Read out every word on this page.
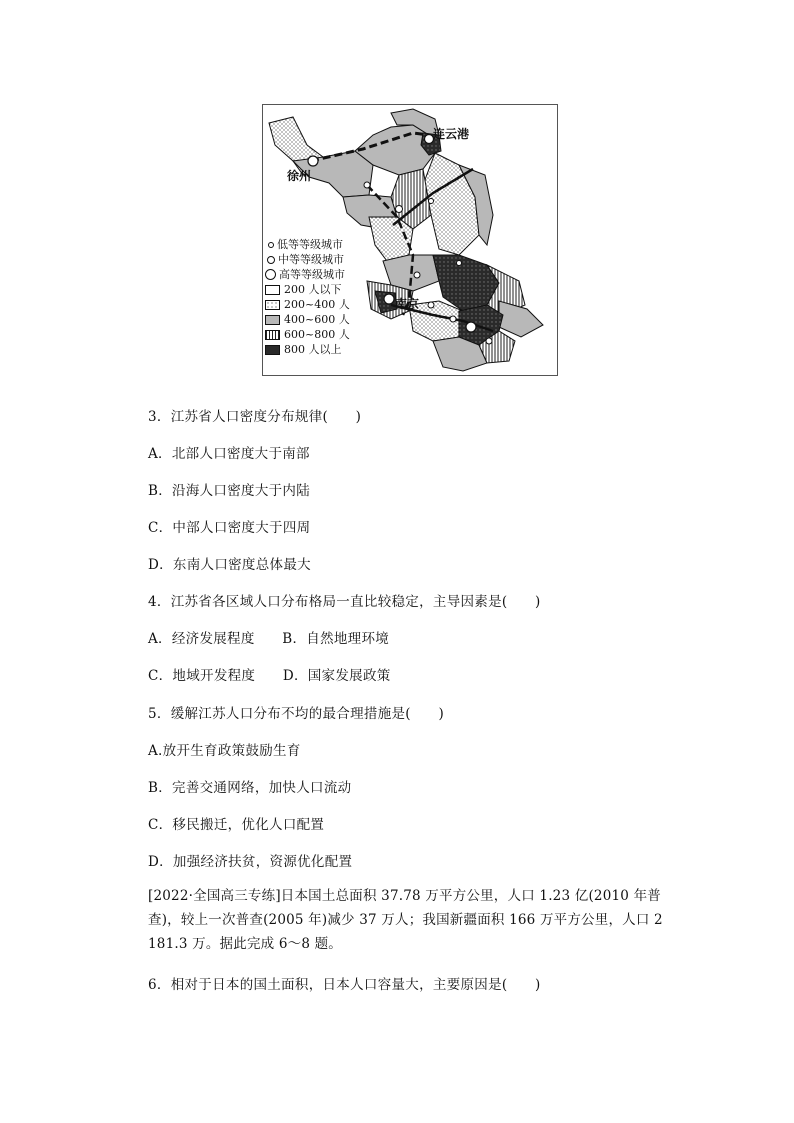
连云港
徐州
南京
低等等级城市
中等等级城市
高等等级城市
200 人以下
200~400 人
400~600 人
600~800 人
800 人以上
3．江苏省人口密度分布规律(　　)
A．北部人口密度大于南部
B．沿海人口密度大于内陆
C．中部人口密度大于四周
D．东南人口密度总体最大
4．江苏省各区域人口分布格局一直比较稳定，主导因素是(　　)
A．经济发展程度　　B．自然地理环境
C．地域开发程度　　D．国家发展政策
5．缓解江苏人口分布不均的最合理措施是(　　)
A.放开生育政策鼓励生育
B．完善交通网络，加快人口流动
C．移民搬迁，优化人口配置
D．加强经济扶贫，资源优化配置
[2022·全国高三专练]日本国土总面积 37.78 万平方公里，人口 1.23 亿(2010 年普查)，较上一次普查(2005 年)减少 37 万人；我国新疆面积 166 万平方公里，人口 2 181.3 万。据此完成 6～8 题。
6．相对于日本的国土面积，日本人口容量大，主要原因是(　　)
